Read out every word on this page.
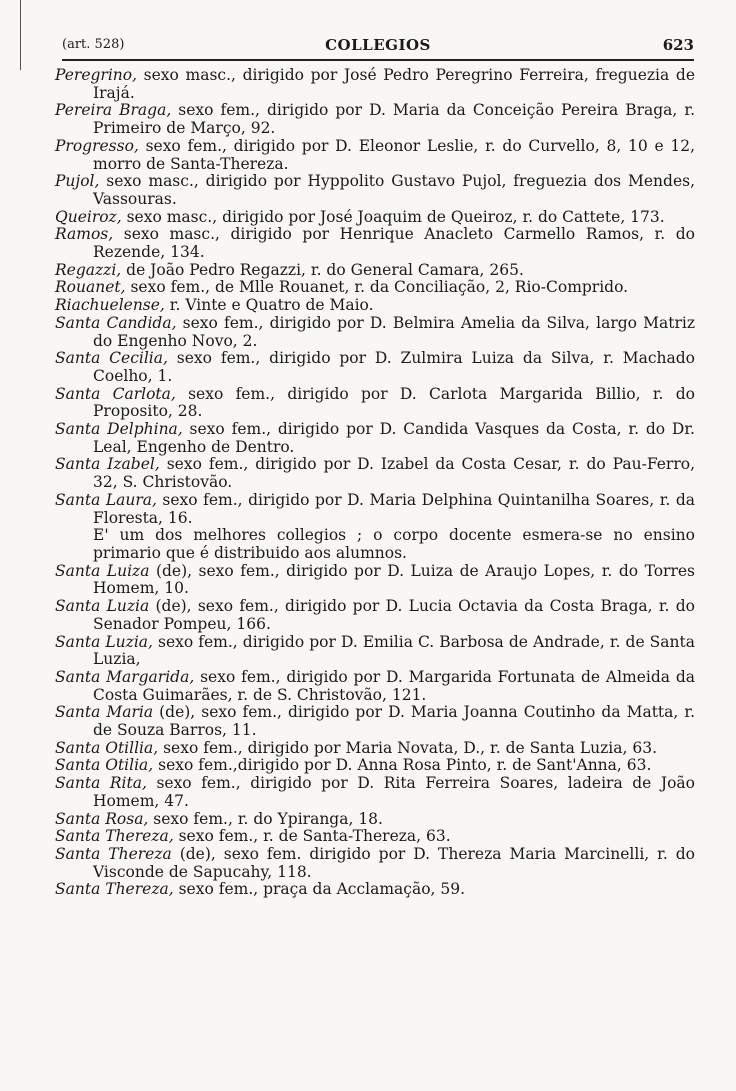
(art. 528)	COLLEGIOS	623
Peregrino, sexo masc., dirigido por José Pedro Peregrino Ferreira, freguezia de Irajá.
Pereira Braga, sexo fem., dirigido por D. Maria da Conceição Pereira Braga, r. Primeiro de Março, 92.
Progresso, sexo fem., dirigido por D. Eleonor Leslie, r. do Curvello, 8, 10 e 12, morro de Santa-Thereza.
Pujol, sexo masc., dirigido por Hyppolito Gustavo Pujol, freguezia dos Mendes, Vassouras.
Queiroz, sexo masc., dirigido por José Joaquim de Queiroz, r. do Cattete, 173.
Ramos, sexo masc., dirigido por Henrique Anacleto Carmello Ramos, r. do Rezende, 134.
Regazzi, de João Pedro Regazzi, r. do General Camara, 265.
Rouanet, sexo fem., de Mlle Rouanet, r. da Conciliação, 2, Rio-Comprido.
Riachuelense, r. Vinte e Quatro de Maio.
Santa Candida, sexo fem., dirigido por D. Belmira Amelia da Silva, largo Matriz do Engenho Novo, 2.
Santa Cecilia, sexo fem., dirigido por D. Zulmira Luiza da Silva, r. Machado Coelho, 1.
Santa Carlota, sexo fem., dirigido por D. Carlota Margarida Billio, r. do Proposito, 28.
Santa Delphina, sexo fem., dirigido por D. Candida Vasques da Costa, r. do Dr. Leal, Engenho de Dentro.
Santa Izabel, sexo fem., dirigido por D. Izabel da Costa Cesar, r. do Pau-Ferro, 32, S. Christovão.
Santa Laura, sexo fem., dirigido por D. Maria Delphina Quintanilha Soares, r. da Floresta, 16.
E' um dos melhores collegios ; o corpo docente esmera-se no ensino primario que é distribuido aos alumnos.
Santa Luiza (de), sexo fem., dirigido por D. Luiza de Araujo Lopes, r. do Torres Homem, 10.
Santa Luzia (de), sexo fem., dirigido por D. Lucia Octavia da Costa Braga, r. do Senador Pompeu, 166.
Santa Luzia, sexo fem., dirigido por D. Emilia C. Barbosa de Andrade, r. de Santa Luzia,
Santa Margarida, sexo fem., dirigido por D. Margarida Fortunata de Almeida da Costa Guimarães, r. de S. Christovão, 121.
Santa Maria (de), sexo fem., dirigido por D. Maria Joanna Coutinho da Matta, r. de Souza Barros, 11.
Santa Otillia, sexo fem., dirigido por Maria Novata, D., r. de Santa Luzia, 63.
Santa Otilia, sexo fem.,dirigido por D. Anna Rosa Pinto, r. de Sant'Anna, 63.
Santa Rita, sexo fem., dirigido por D. Rita Ferreira Soares, ladeira de João Homem, 47.
Santa Rosa, sexo fem., r. do Ypiranga, 18.
Santa Thereza, sexo fem., r. de Santa-Thereza, 63.
Santa Thereza (de), sexo fem. dirigido por D. Thereza Maria Marcinelli, r. do Visconde de Sapucahy, 118.
Santa Thereza, sexo fem., praça da Acclamação, 59.
